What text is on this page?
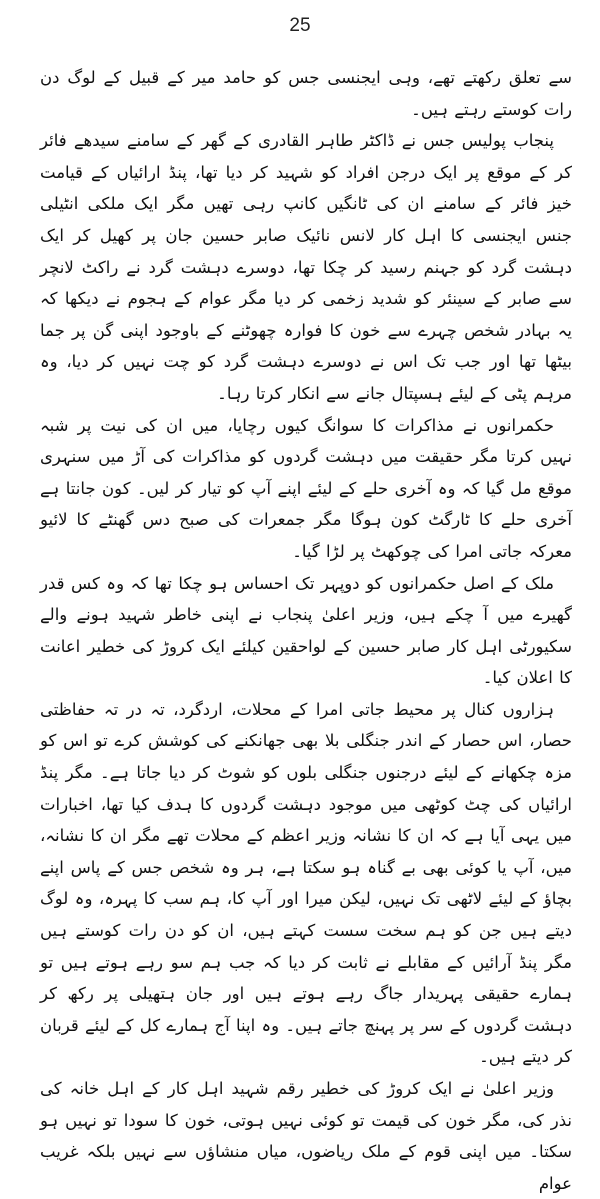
25

سے تعلق رکھتے تھے، وہی ایجنسی جس کو حامد میر کے قبیل کے لوگ دن رات کوستے رہتے ہیں۔

پنجاب پولیس جس نے ڈاکٹر طاہر القادری کے گھر کے سامنے سیدھے فائر کر کے موقع پر ایک درجن افراد کو شہید کر دیا تھا، پنڈ ارائیاں کے قیامت خیز فائر کے سامنے ان کی ٹانگیں کانپ رہی تھیں مگر ایک ملکی انٹیلی جنس ایجنسی کا اہل کار لانس نائیک صابر حسین جان پر کھیل کر ایک دہشت گرد کو جہنم رسید کر چکا تھا، دوسرے دہشت گرد نے راکٹ لانچر سے صابر کے سینئر کو شدید زخمی کر دیا مگر عوام کے ہجوم نے دیکھا کہ یہ بہادر شخص چہرے سے خون کا فوارہ چھوٹنے کے باوجود اپنی گن پر جما بیٹھا تھا اور جب تک اس نے دوسرے دہشت گرد کو چت نہیں کر دیا، وہ مرہم پٹی کے لیئے ہسپتال جانے سے انکار کرتا رہا۔

حکمرانوں نے مذاکرات کا سوانگ کیوں رچایا، میں ان کی نیت پر شبہ نہیں کرتا مگر حقیقت میں دہشت گردوں کو مذاکرات کی آڑ میں سنہری موقع مل گیا کہ وہ آخری حلے کے لیئے اپنے آپ کو تیار کر لیں۔ کون جانتا ہے آخری حلے کا ٹارگٹ کون ہوگا مگر جمعرات کی صبح دس گھنٹے کا لائیو معرکہ جاتی امرا کی چوکھٹ پر لڑا گیا۔

ملک کے اصل حکمرانوں کو دوپہر تک احساس ہو چکا تھا کہ وہ کس قدر گھیرے میں آ چکے ہیں، وزیر اعلیٰ پنجاب نے اپنی خاطر شہید ہونے والے سکیورٹی اہل کار صابر حسین کے لواحقین کیلئے ایک کروڑ کی خطیر اعانت کا اعلان کیا۔

ہزاروں کنال پر محیط جاتی امرا کے محلات، اردگرد، تہ در تہ حفاظتی حصار، اس حصار کے اندر جنگلی بلا بھی جھانکنے کی کوشش کرے تو اس کو مزہ چکھانے کے لیئے درجنوں جنگلی بلوں کو شوٹ کر دیا جاتا ہے۔ مگر پنڈ ارائیاں کی چٹ کوٹھی میں موجود دہشت گردوں کا ہدف کیا تھا، اخبارات میں یہی آیا ہے کہ ان کا نشانہ وزیر اعظم کے محلات تھے مگر ان کا نشانہ، میں، آپ یا کوئی بھی بے گناہ ہو سکتا ہے، ہر وہ شخص جس کے پاس اپنے بچاؤ کے لیئے لاٹھی تک نہیں، لیکن میرا اور آپ کا، ہم سب کا پہرہ، وہ لوگ دیتے ہیں جن کو ہم سخت سست کہتے ہیں، ان کو دن رات کوستے ہیں مگر پنڈ آرائیں کے مقابلے نے ثابت کر دیا کہ جب ہم سو رہے ہوتے ہیں تو ہمارے حقیقی پہریدار جاگ رہے ہوتے ہیں اور جان ہتھیلی پر رکھ کر دہشت گردوں کے سر پر پہنچ جاتے ہیں۔ وہ اپنا آج ہمارے کل کے لیئے قربان کر دیتے ہیں۔

وزیر اعلیٰ نے ایک کروڑ کی خطیر رقم شہید اہل کار کے اہل خانہ کی نذر کی، مگر خون کی قیمت تو کوئی نہیں ہوتی، خون کا سودا تو نہیں ہو سکتا۔ میں اپنی قوم کے ملک ریاضوں، میاں منشاؤں سے نہیں بلکہ غریب عوام
